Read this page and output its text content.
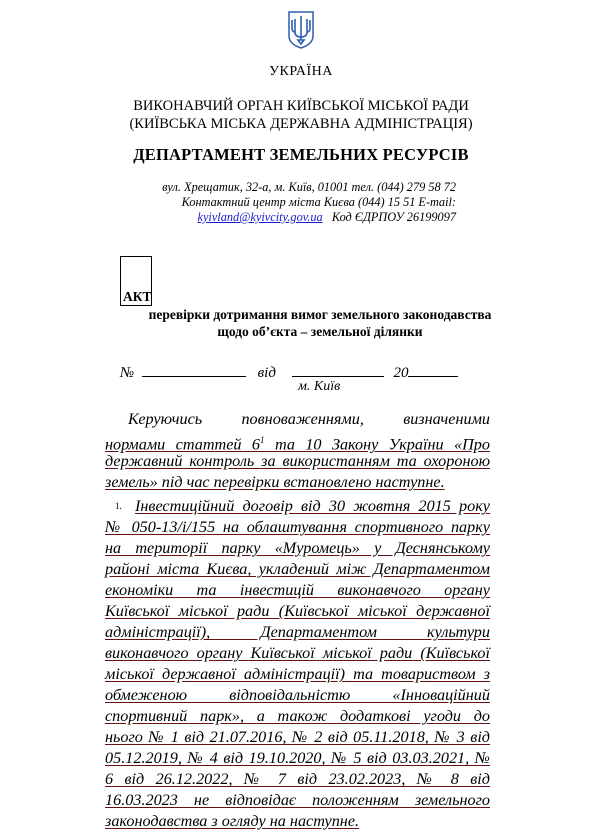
УКРАЇНА
ВИКОНАВЧИЙ ОРГАН КИЇВСЬКОЇ МІСЬКОЇ РАДИ
(КИЇВСЬКА МІСЬКА ДЕРЖАВНА АДМІНІСТРАЦІЯ)
ДЕПАРТАМЕНТ ЗЕМЕЛЬНИХ РЕСУРСІВ
вул. Хрещатик, 32-а, м. Київ, 01001 тел. (044) 279 58 72
Контактний центр міста Києва (044) 15 51 E-mail:
kyivland@kyivcity.gov.ua Код ЄДРПОУ 26199097
АКТ
перевірки дотримання вимог земельного законодавства
щодо об’єкта – земельної ділянки
№	від	20
м. Київ
Керуючись повноваженнями, визначеними
нормами статтей $6^1$ та 10 Закону України «Про
державний контроль за використанням та охороною
земель» під час перевірки встановлено наступне.
1. Інвестиційний договір від 30 жовтня 2015 року
№ 050-13/і/155 на облаштування спортивного парку
на території парку «Муромець» у Деснянському
районі міста Києва, укладений між Департаментом
економіки та інвестицій виконавчого органу
Київської міської ради (Київської міської державної
адміністрації), Департаментом культури
виконавчого органу Київської міської ради (Київської
міської державної адміністрації) та товариством з
обмеженою відповідальністю «Інноваційний
спортивний парк», а також додаткові угоди до
нього № 1 від 21.07.2016, № 2 від 05.11.2018, № 3 від
05.12.2019, № 4 від 19.10.2020, № 5 від 03.03.2021, №
6 від 26.12.2022, № 7 від 23.02.2023, № 8 від
16.03.2023 не відповідає положенням земельного
законодавства з огляду на наступне.
